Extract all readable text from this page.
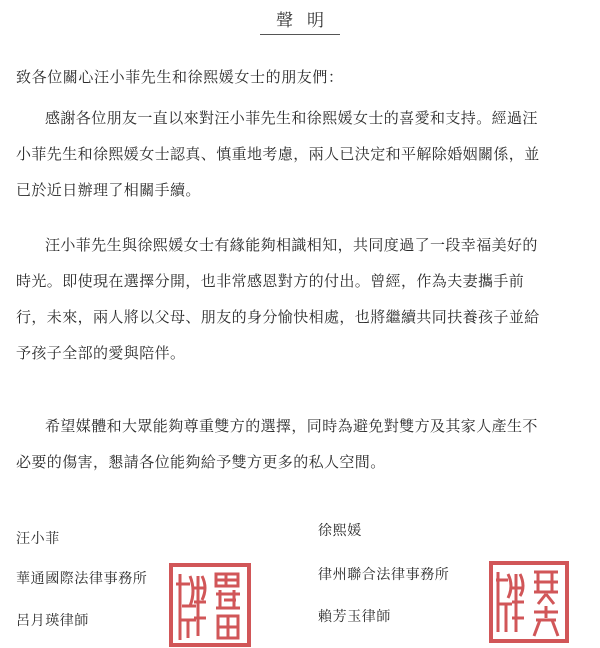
聲明
致各位關心汪小菲先生和徐熙媛女士的朋友們：
感謝各位朋友一直以來對汪小菲先生和徐熙媛女士的喜愛和支持。經過汪
小菲先生和徐熙媛女士認真、慎重地考慮，兩人已決定和平解除婚姻關係，並
已於近日辦理了相關手續。
汪小菲先生與徐熙媛女士有緣能夠相識相知，共同度過了一段幸福美好的
時光。即使現在選擇分開，也非常感恩對方的付出。曾經，作為夫妻攜手前
行，未來，兩人將以父母、朋友的身分愉快相處，也將繼續共同扶養孩子並給
予孩子全部的愛與陪伴。
希望媒體和大眾能夠尊重雙方的選擇，同時為避免對雙方及其家人產生不
必要的傷害，懇請各位能夠給予雙方更多的私人空間。
汪小菲
華通國際法律事務所
呂月瑛律師
徐熙媛
律州聯合法律事務所
賴芳玉律師
